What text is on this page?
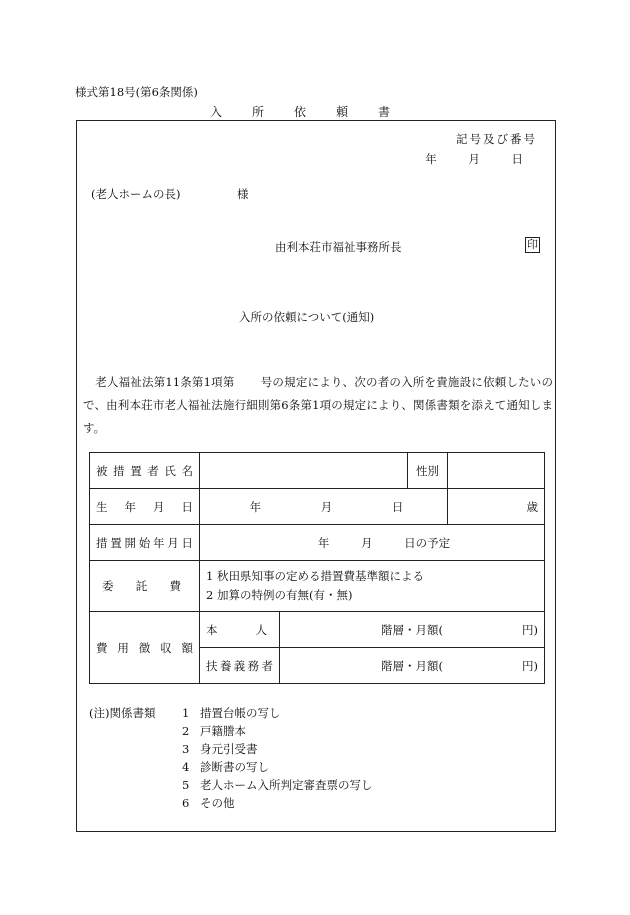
様式第18号(第6条関係)
入所依頼書
記号及び番号
年 月 日
(老人ホームの長)	様
由利本荘市福祉事務所長	印
入所の依頼について(通知)
老人福祉法第11条第1項第 号の規定により、次の者の入所を貴施設に依頼したいので、由利本荘市老人福祉法施行細則第6条第1項の規定により、関係書類を添えて通知します。
被措置者氏名			性別	
生年月日	年 月 日			歳
措置開始年月日	年 月 日の予定			
委託費	1 秋田県知事の定める措置費基準額による
2 加算の特例の有無(有・無)			

費用徴収額	本人	階層・月額( 円)		

	扶養義務者	階層・月額( 円)		
(注)関係書類	1 措置台帳の写し
2 戸籍謄本
3 身元引受書
4 診断書の写し
5 老人ホーム入所判定審査票の写し
6 その他
